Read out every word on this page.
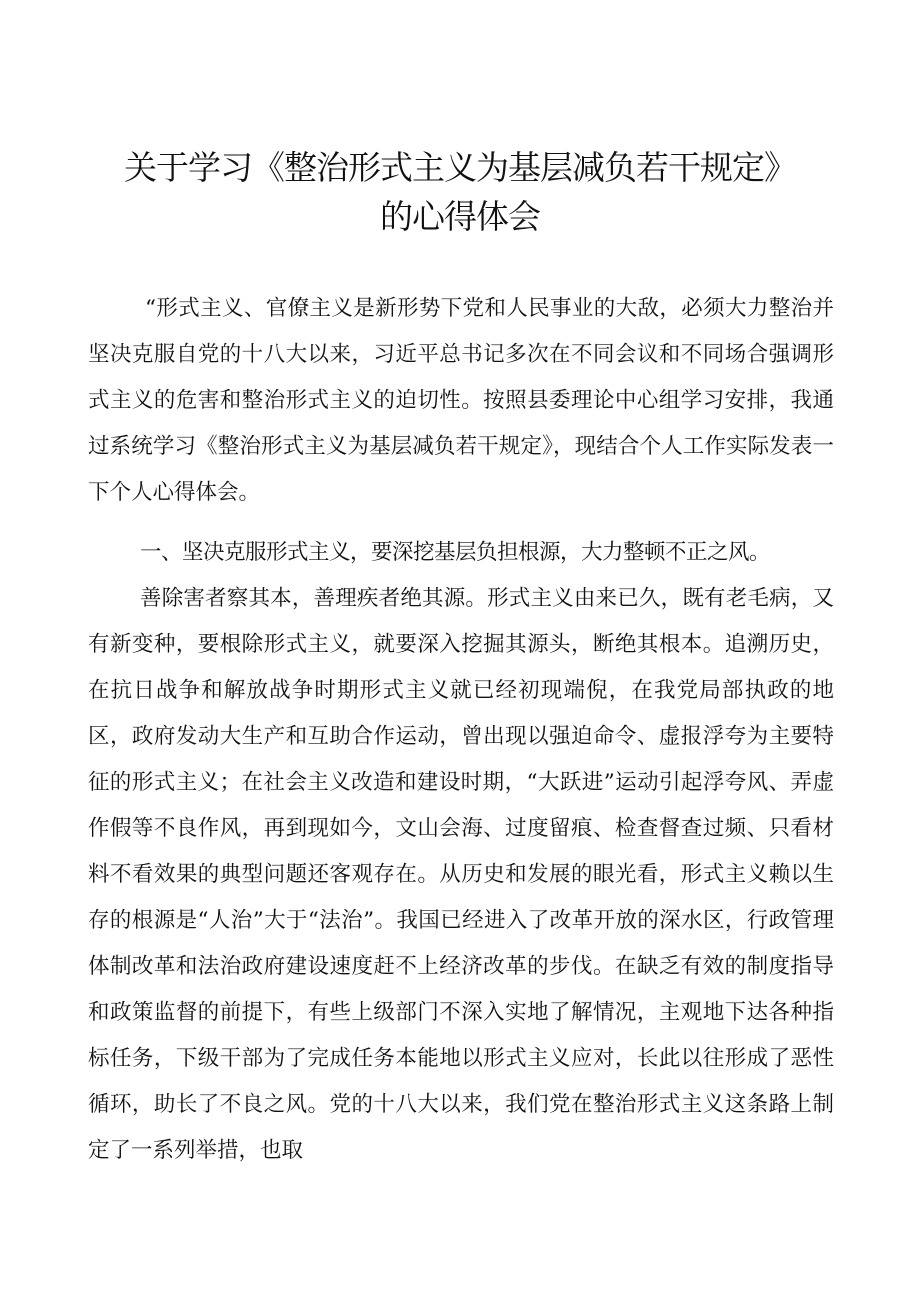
关于学习《整治形式主义为基层减负若干规定》
的心得体会

“形式主义、官僚主义是新形势下党和人民事业的大敌，必须大力整治并坚决克服自党的十八大以来，习近平总书记多次在不同会议和不同场合强调形式主义的危害和整治形式主义的迫切性。按照县委理论中心组学习安排，我通过系统学习《整治形式主义为基层减负若干规定》，现结合个人工作实际发表一下个人心得体会。

一、坚决克服形式主义，要深挖基层负担根源，大力整顿不正之风。

善除害者察其本，善理疾者绝其源。形式主义由来已久，既有老毛病，又有新变种，要根除形式主义，就要深入挖掘其源头，断绝其根本。追溯历史，在抗日战争和解放战争时期形式主义就已经初现端倪，在我党局部执政的地区，政府发动大生产和互助合作运动，曾出现以强迫命令、虚报浮夸为主要特征的形式主义；在社会主义改造和建设时期，“大跃进”运动引起浮夸风、弄虚作假等不良作风，再到现如今，文山会海、过度留痕、检查督查过频、只看材料不看效果的典型问题还客观存在。从历史和发展的眼光看，形式主义赖以生存的根源是“人治”大于“法治”。我国已经进入了改革开放的深水区，行政管理体制改革和法治政府建设速度赶不上经济改革的步伐。在缺乏有效的制度指导和政策监督的前提下，有些上级部门不深入实地了解情况，主观地下达各种指标任务，下级干部为了完成任务本能地以形式主义应对，长此以往形成了恶性循环，助长了不良之风。党的十八大以来，我们党在整治形式主义这条路上制定了一系列举措，也取
